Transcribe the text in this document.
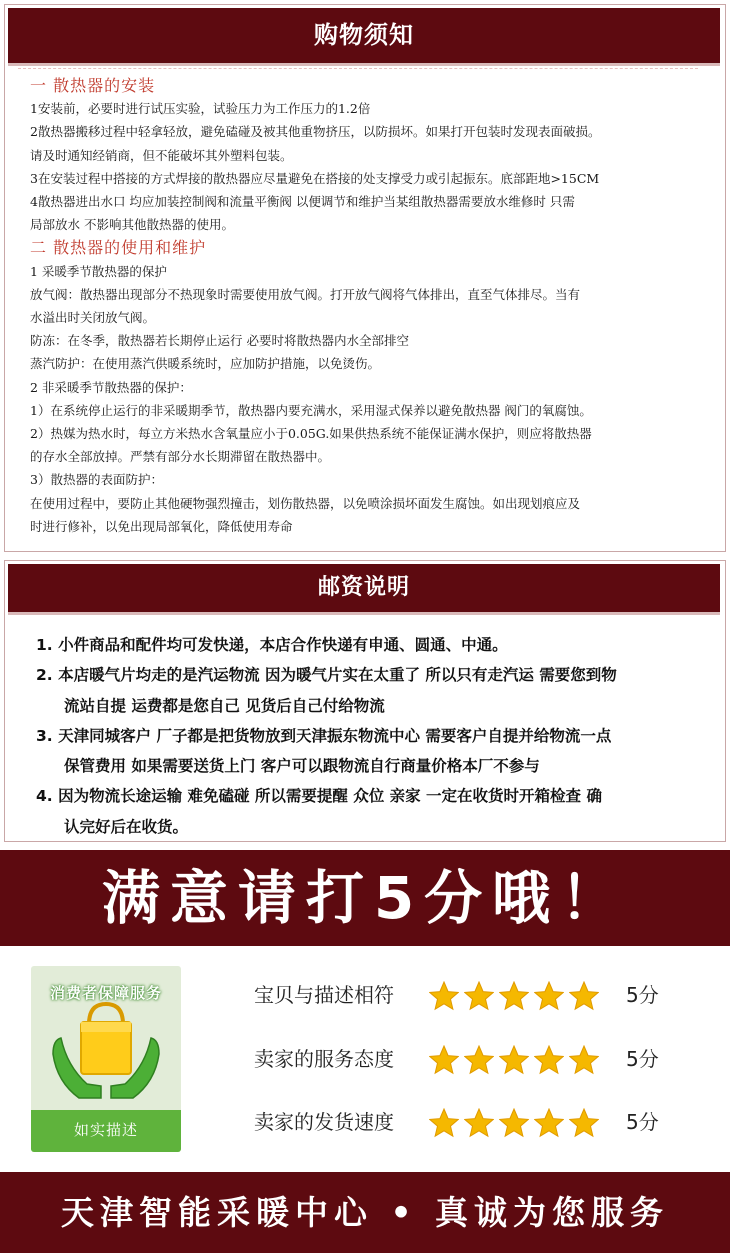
购物须知
一 散热器的安装
1安装前，必要时进行试压实验，试验压力为工作压力的1.2倍
2散热器搬移过程中轻拿轻放，避免磕碰及被其他重物挤压，以防损坏。如果打开包装时发现表面破损。
请及时通知经销商，但不能破坏其外塑料包装。
3在安装过程中搭接的方式焊接的散热器应尽量避免在搭接的处支撑受力或引起振东。底部距地>15CM
4散热器进出水口 均应加装控制阀和流量平衡阀 以便调节和维护当某组散热器需要放水维修时 只需
局部放水 不影响其他散热器的使用。
二 散热器的使用和维护
1 采暖季节散热器的保护
放气阀：散热器出现部分不热现象时需要使用放气阀。打开放气阀将气体排出，直至气体排尽。当有
水溢出时关闭放气阀。
防冻：在冬季，散热器若长期停止运行 必要时将散热器内水全部排空
蒸汽防护：在使用蒸汽供暖系统时，应加防护措施，以免烫伤。
2 非采暖季节散热器的保护：
1）在系统停止运行的非采暖期季节，散热器内要充满水，采用湿式保养以避免散热器 阀门的氧腐蚀。
2）热媒为热水时，每立方米热水含氧量应小于0.05G.如果供热系统不能保证满水保护，则应将散热器
的存水全部放掉。严禁有部分水长期滞留在散热器中。
3）散热器的表面防护：
在使用过程中，要防止其他硬物强烈撞击，划伤散热器，以免喷涂损坏面发生腐蚀。如出现划痕应及
时进行修补，以免出现局部氧化，降低使用寿命
邮资说明
1. 小件商品和配件均可发快递，本店合作快递有申通、圆通、中通。
2. 本店暖气片均走的是汽运物流 因为暖气片实在太重了 所以只有走汽运 需要您到物
流站自提 运费都是您自己 见货后自己付给物流
3. 天津同城客户 厂子都是把货物放到天津振东物流中心 需要客户自提并给物流一点
保管费用 如果需要送货上门 客户可以跟物流自行商量价格本厂不参与
4. 因为物流长途运输 难免磕碰 所以需要提醒 众位 亲家 一定在收货时开箱检查 确
认完好后在收货。
满意请打5分哦！
消费者保障服务
如实描述
宝贝与描述相符	5分
卖家的服务态度	5分
卖家的发货速度	5分
天津智能采暖中心 • 真诚为您服务
